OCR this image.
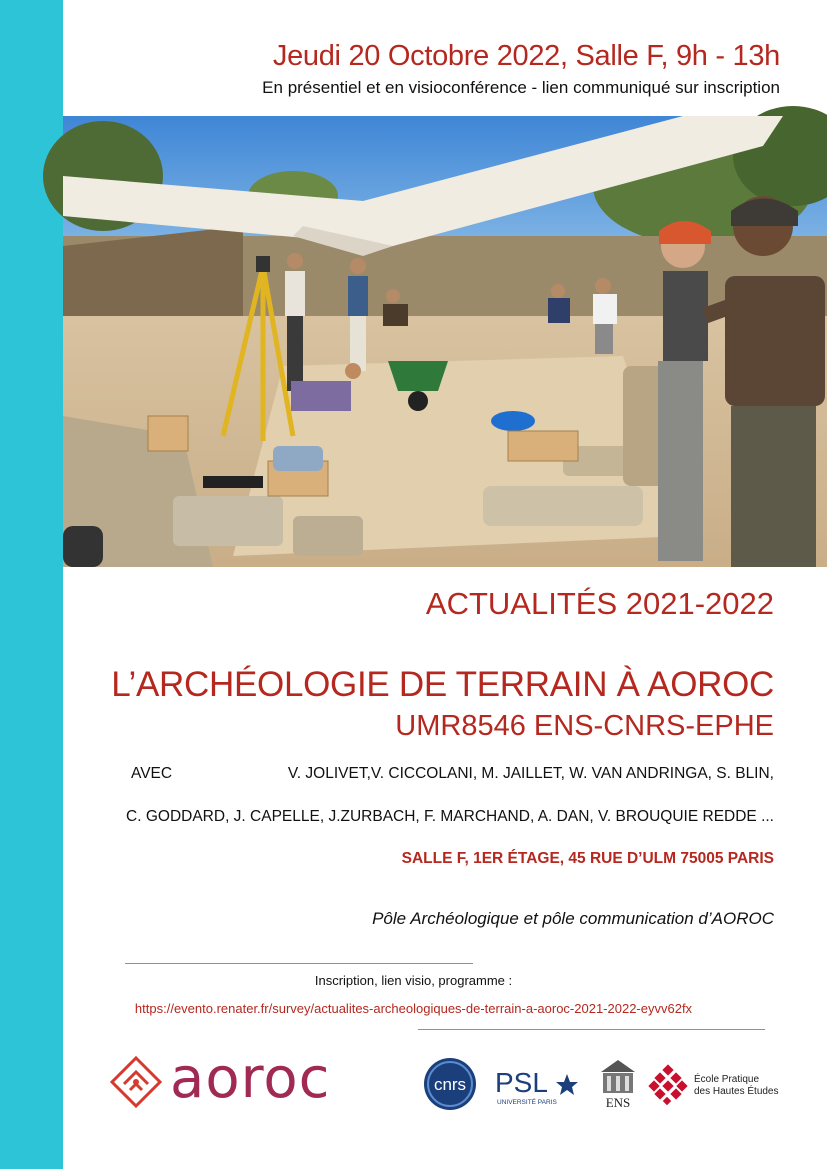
Jeudi 20 Octobre 2022, Salle F, 9h - 13h
En présentiel et en visioconférence - lien communiqué sur inscription
ACTUALITÉS 2021-2022
L’ARCHÉOLOGIE DE TERRAIN À AOROC
UMR8546 ENS-CNRS-EPHE
AVEC	V. JOLIVET,V. CICCOLANI, M. JAILLET, W. VAN ANDRINGA, S. BLIN,
C. GODDARD, J. CAPELLE, J.ZURBACH, F. MARCHAND, A. DAN, V. BROUQUIE REDDE ...
SALLE F, 1ER ÉTAGE, 45 RUE D’ULM 75005 PARIS
Pôle Archéologique et pôle communication d’AOROC
Inscription, lien visio, programme :
https://evento.renater.fr/survey/actualites-archeologiques-de-terrain-a-aoroc-2021-2022-eyvv62fx
aoroc	cnrs PSL
UNIVERSITÉ PARIS	ENS
École Pratique
des Hautes Études
